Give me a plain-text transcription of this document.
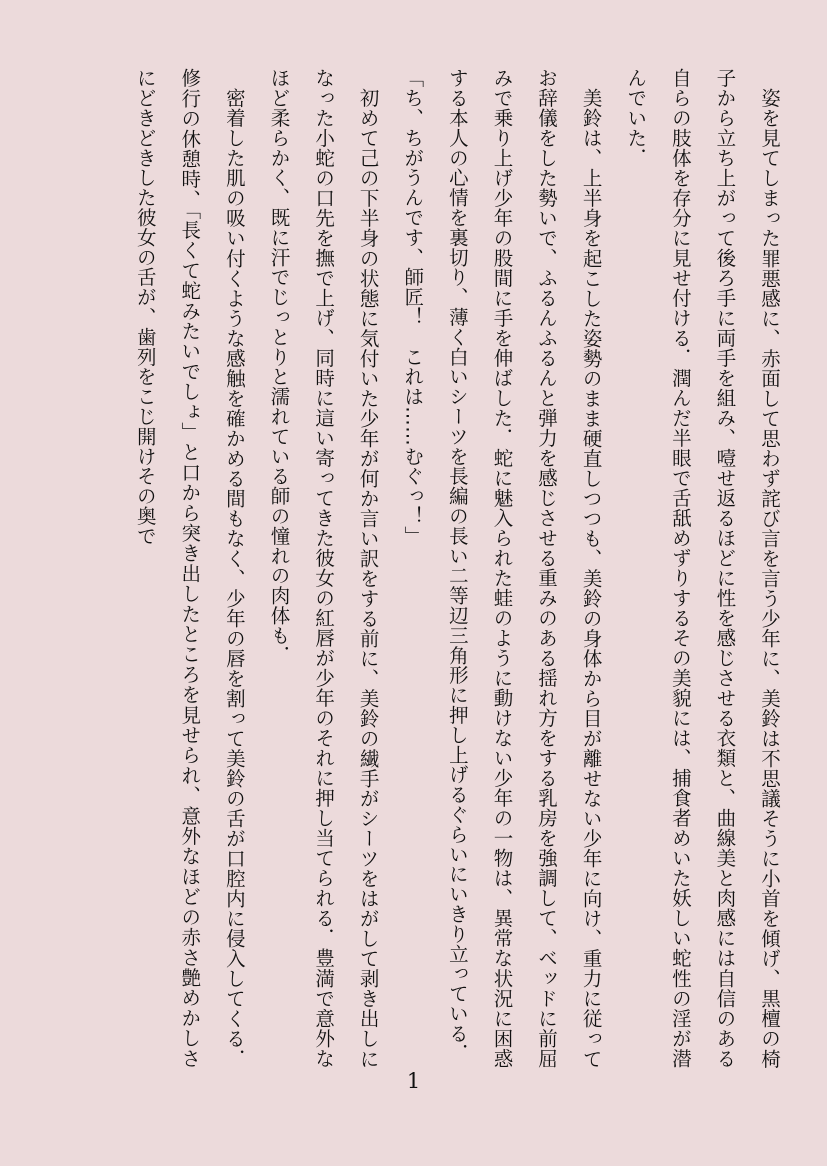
姿を見てしまった罪悪感に、赤面して思わず詫び言を言う少年に、美鈴は不思議そうに小首を傾げ、黒檀の椅子から立ち上がって後ろ手に両手を組み、噎せ返るほどに性を感じさせる衣類と、曲線美と肉感には自信のある自らの肢体を存分に見せ付ける．潤んだ半眼で舌舐めずりするその美貌には、捕食者めいた妖しい蛇性の淫が潜んでいた．

美鈴は、上半身を起こした姿勢のまま硬直しつつも、美鈴の身体から目が離せない少年に向け、重力に従ってお辞儀をした勢いで、ふるんふるんと弾力を感じさせる重みのある揺れ方をする乳房を強調して、ベッドに前屈みで乗り上げ少年の股間に手を伸ばした．蛇に魅入られた蛙のように動けない少年の一物は、異常な状況に困惑する本人の心情を裏切り、薄く白いシーツを長編の長い二等辺三角形に押し上げるぐらいにいきり立っている．

「ち、ちがうんです、師匠！　これは……むぐっ！」

初めて己の下半身の状態に気付いた少年が何か言い訳をする前に、美鈴の繊手がシーツをはがして剥き出しになった小蛇の口先を撫で上げ、同時に這い寄ってきた彼女の紅唇が少年のそれに押し当てられる．豊満で意外なほど柔らかく、既に汗でじっとりと濡れている師の憧れの肉体も．

密着した肌の吸い付くような感触を確かめる間もなく、少年の唇を割って美鈴の舌が口腔内に侵入してくる．修行の休憩時、「長くて蛇みたいでしょ」と口から突き出したところを見せられ、意外なほどの赤さ艶めかしさにどきどきした彼女の舌が、歯列をこじ開けその奥で

1
